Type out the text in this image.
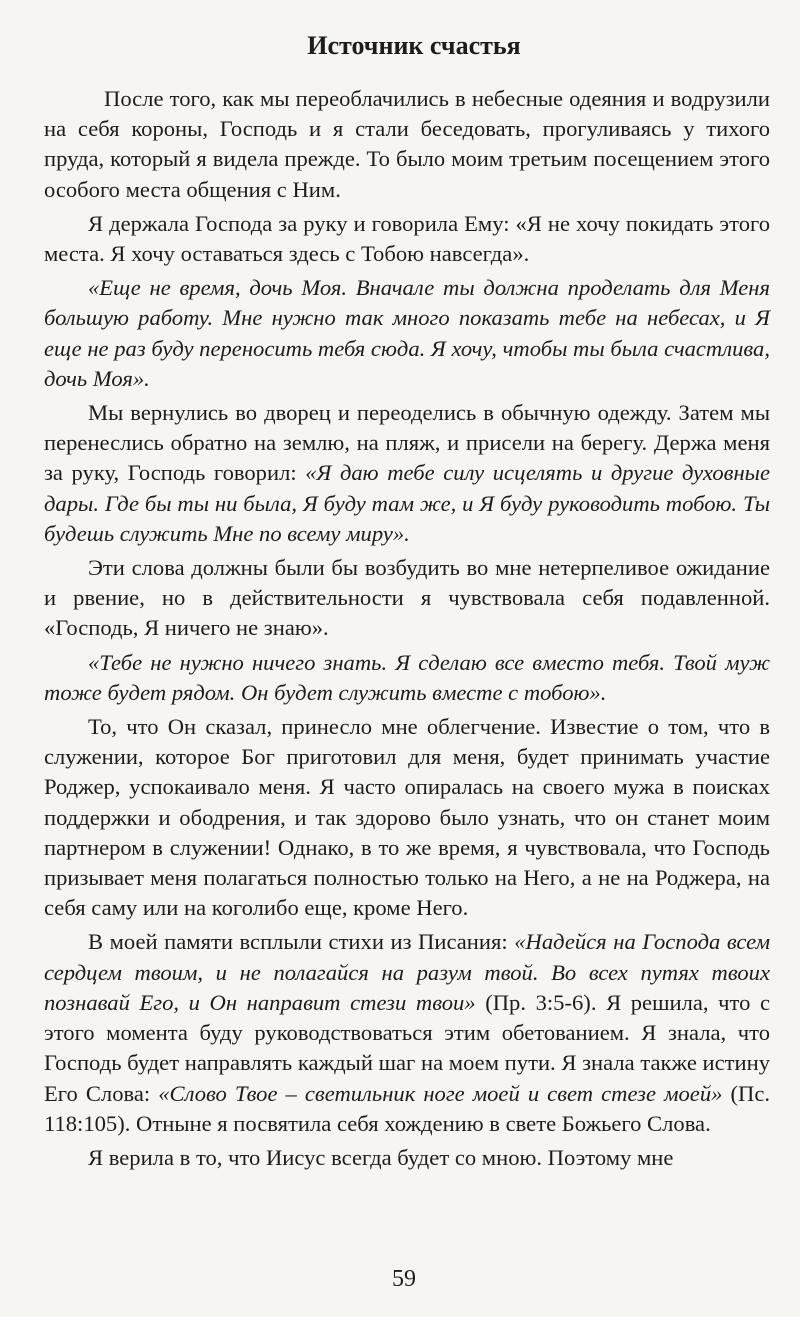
Источник счастья

После того, как мы переоблачились в небесные одеяния и водрузили на себя короны, Господь и я стали беседовать, прогуливаясь у тихого пруда, который я видела прежде. То было моим третьим посещением этого особого места общения с Ним.

Я держала Господа за руку и говорила Ему: «Я не хочу покидать этого места. Я хочу оставаться здесь с Тобою навсегда».

«Еще не время, дочь Моя. Вначале ты должна проделать для Меня большую работу. Мне нужно так много показать тебе на небесах, и Я еще не раз буду переносить тебя сюда. Я хочу, чтобы ты была счастлива, дочь Моя».

Мы вернулись во дворец и переоделись в обычную одежду. Затем мы перенеслись обратно на землю, на пляж, и присели на берегу. Держа меня за руку, Господь говорил: «Я даю тебе силу исцелять и другие духовные дары. Где бы ты ни была, Я буду там же, и Я буду руководить тобою. Ты будешь служить Мне по всему миру».

Эти слова должны были бы возбудить во мне нетерпеливое ожидание и рвение, но в действительности я чувствовала себя подавленной. «Господь, Я ничего не знаю».

«Тебе не нужно ничего знать. Я сделаю все вместо тебя. Твой муж тоже будет рядом. Он будет служить вместе с тобою».

То, что Он сказал, принесло мне облегчение. Известие о том, что в служении, которое Бог приготовил для меня, будет принимать участие Роджер, успокаивало меня. Я часто опиралась на своего мужа в поисках поддержки и ободрения, и так здорово было узнать, что он станет моим партнером в служении! Однако, в то же время, я чувствовала, что Господь призывает меня полагаться полностью только на Него, а не на Роджера, на себя саму или на коголибо еще, кроме Него.

В моей памяти всплыли стихи из Писания: «Надейся на Господа всем сердцем твоим, и не полагайся на разум твой. Во всех путях твоих познавай Его, и Он направит стези твои» (Пр. 3:5-6). Я решила, что с этого момента буду руководствоваться этим обетованием. Я знала, что Господь будет направлять каждый шаг на моем пути. Я знала также истину Его Слова: «Слово Твое – светильник ноге моей и свет стезе моей» (Пс. 118:105). Отныне я посвятила себя хождению в свете Божьего Слова.

Я верила в то, что Иисус всегда будет со мною. Поэтому мне

59
